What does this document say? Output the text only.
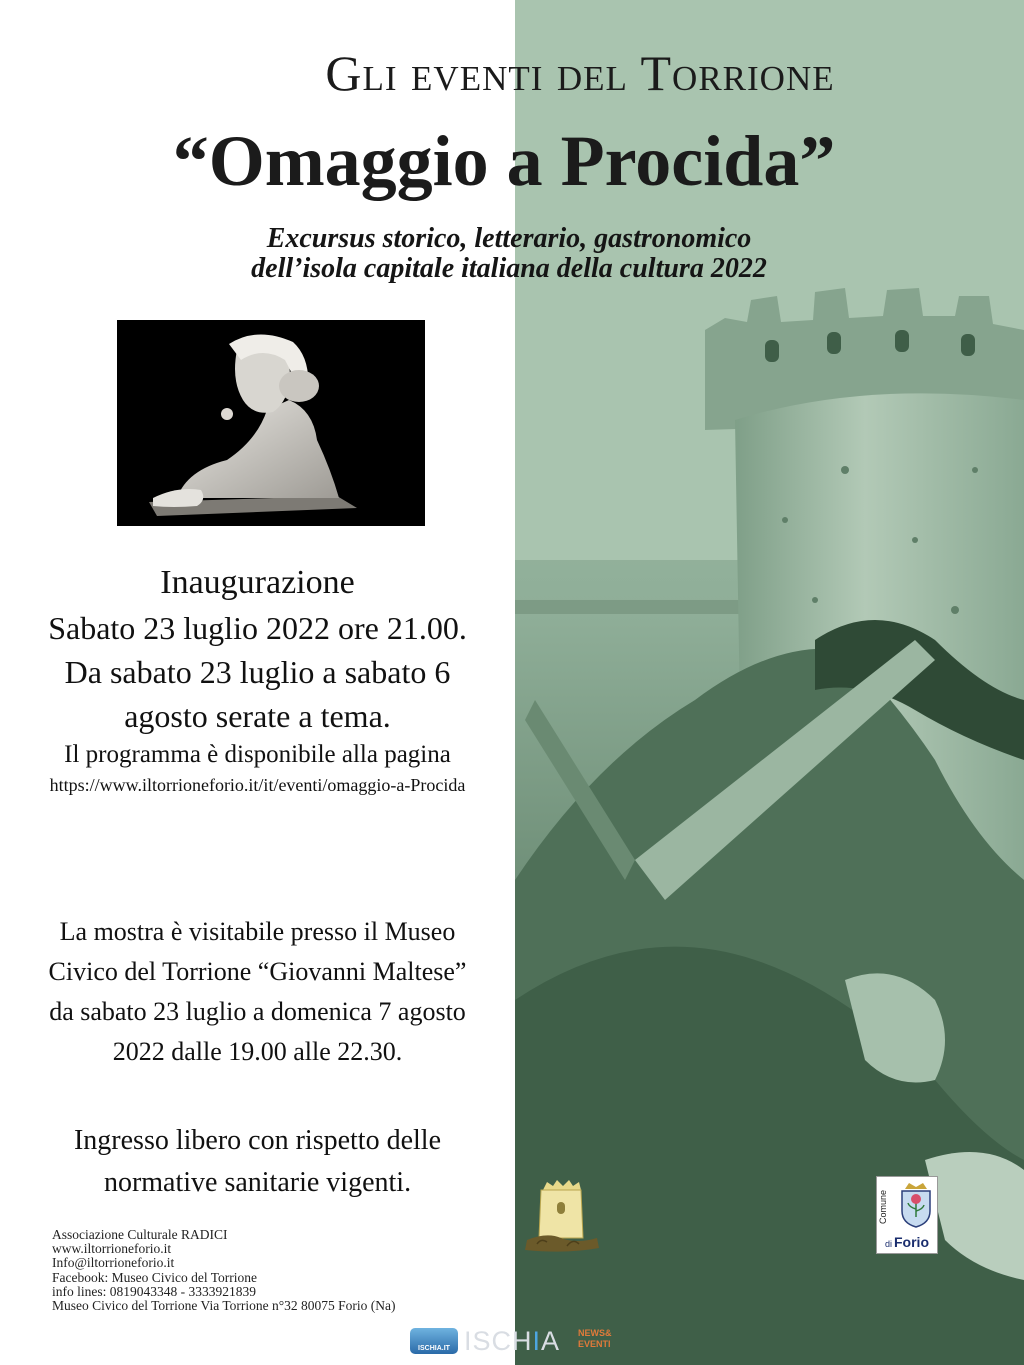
Gli eventi del Torrione
“Omaggio a Procida”
Excursus storico, letterario, gastronomico
dell’isola capitale italiana della cultura 2022
Inaugurazione
Sabato 23 luglio 2022 ore 21.00.
Da sabato 23 luglio a sabato 6
agosto serate a tema.
Il programma è disponibile alla pagina
https://www.iltorrioneforio.it/it/eventi/omaggio-a-Procida
La mostra è visitabile presso il Museo
Civico del Torrione “Giovanni Maltese”
da sabato 23 luglio a domenica 7 agosto
2022 dalle 19.00 alle 22.30.
Ingresso libero con rispetto delle
normative sanitarie vigenti.
Associazione Culturale RADICI
www.iltorrioneforio.it
Info@iltorrioneforio.it
Facebook: Museo Civico del Torrione
info lines: 0819043348 - 3333921839
Museo Civico del Torrione Via Torrione n°32 80075 Forio (Na)
Comune
di Forio
ISCHIA.IT ISCHIA NEWS&
EVENTI
